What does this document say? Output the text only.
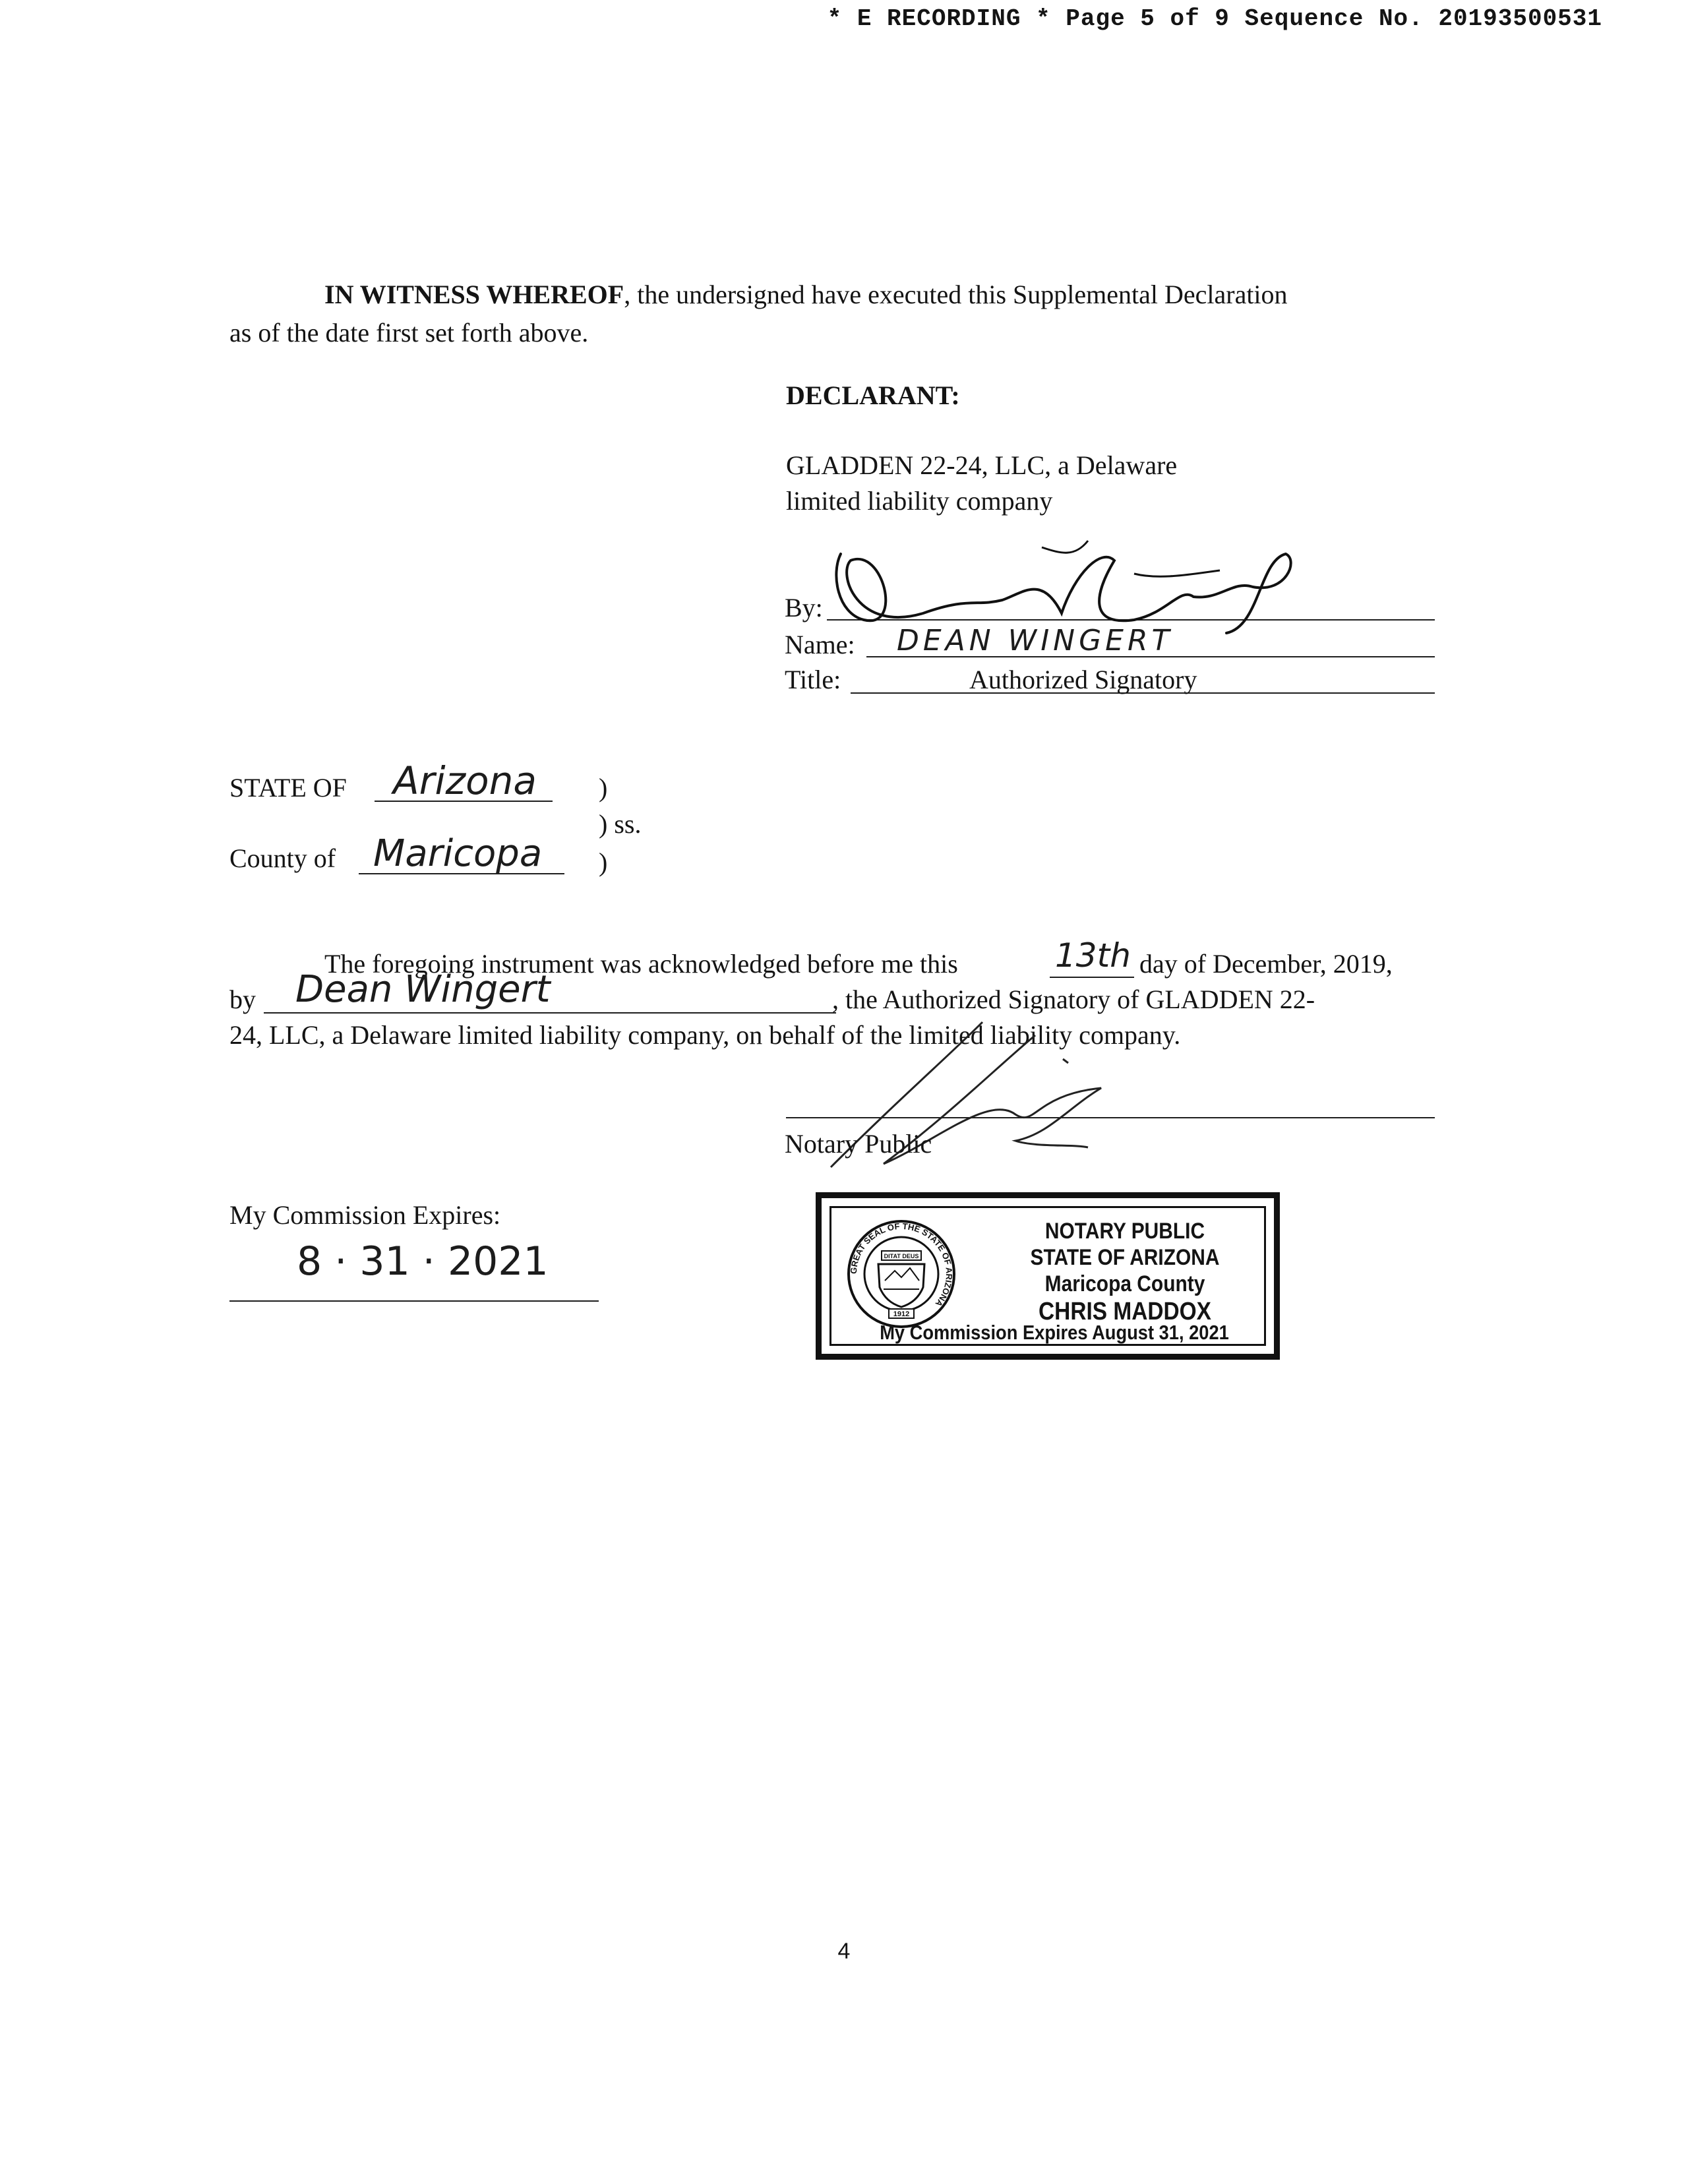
* E RECORDING * Page 5 of 9 Sequence No. 20193500531
IN WITNESS WHEREOF, the undersigned have executed this Supplemental Declaration
as of the date first set forth above.
DECLARANT:
GLADDEN 22-24, LLC, a Delaware
limited liability company
By:
Name: DEAN WINGERT
Title:	Authorized Signatory
STATE OF Arizona )
) ss.
County of Maricopa )
The foregoing instrument was acknowledged before me this	13th day of December, 2019,
by Dean Wingert	, the Authorized Signatory of GLADDEN 22-
24, LLC, a Delaware limited liability company, on behalf of the limited liability company.
Notary Public
My Commission Expires:
8 · 31 · 2021	GREAT SEAL OF THE STATE OF ARIZONA
DITAT DEUS
1912
NOTARY PUBLIC
STATE OF ARIZONA
Maricopa County
CHRIS MADDOX
My Commission Expires August 31, 2021
4
